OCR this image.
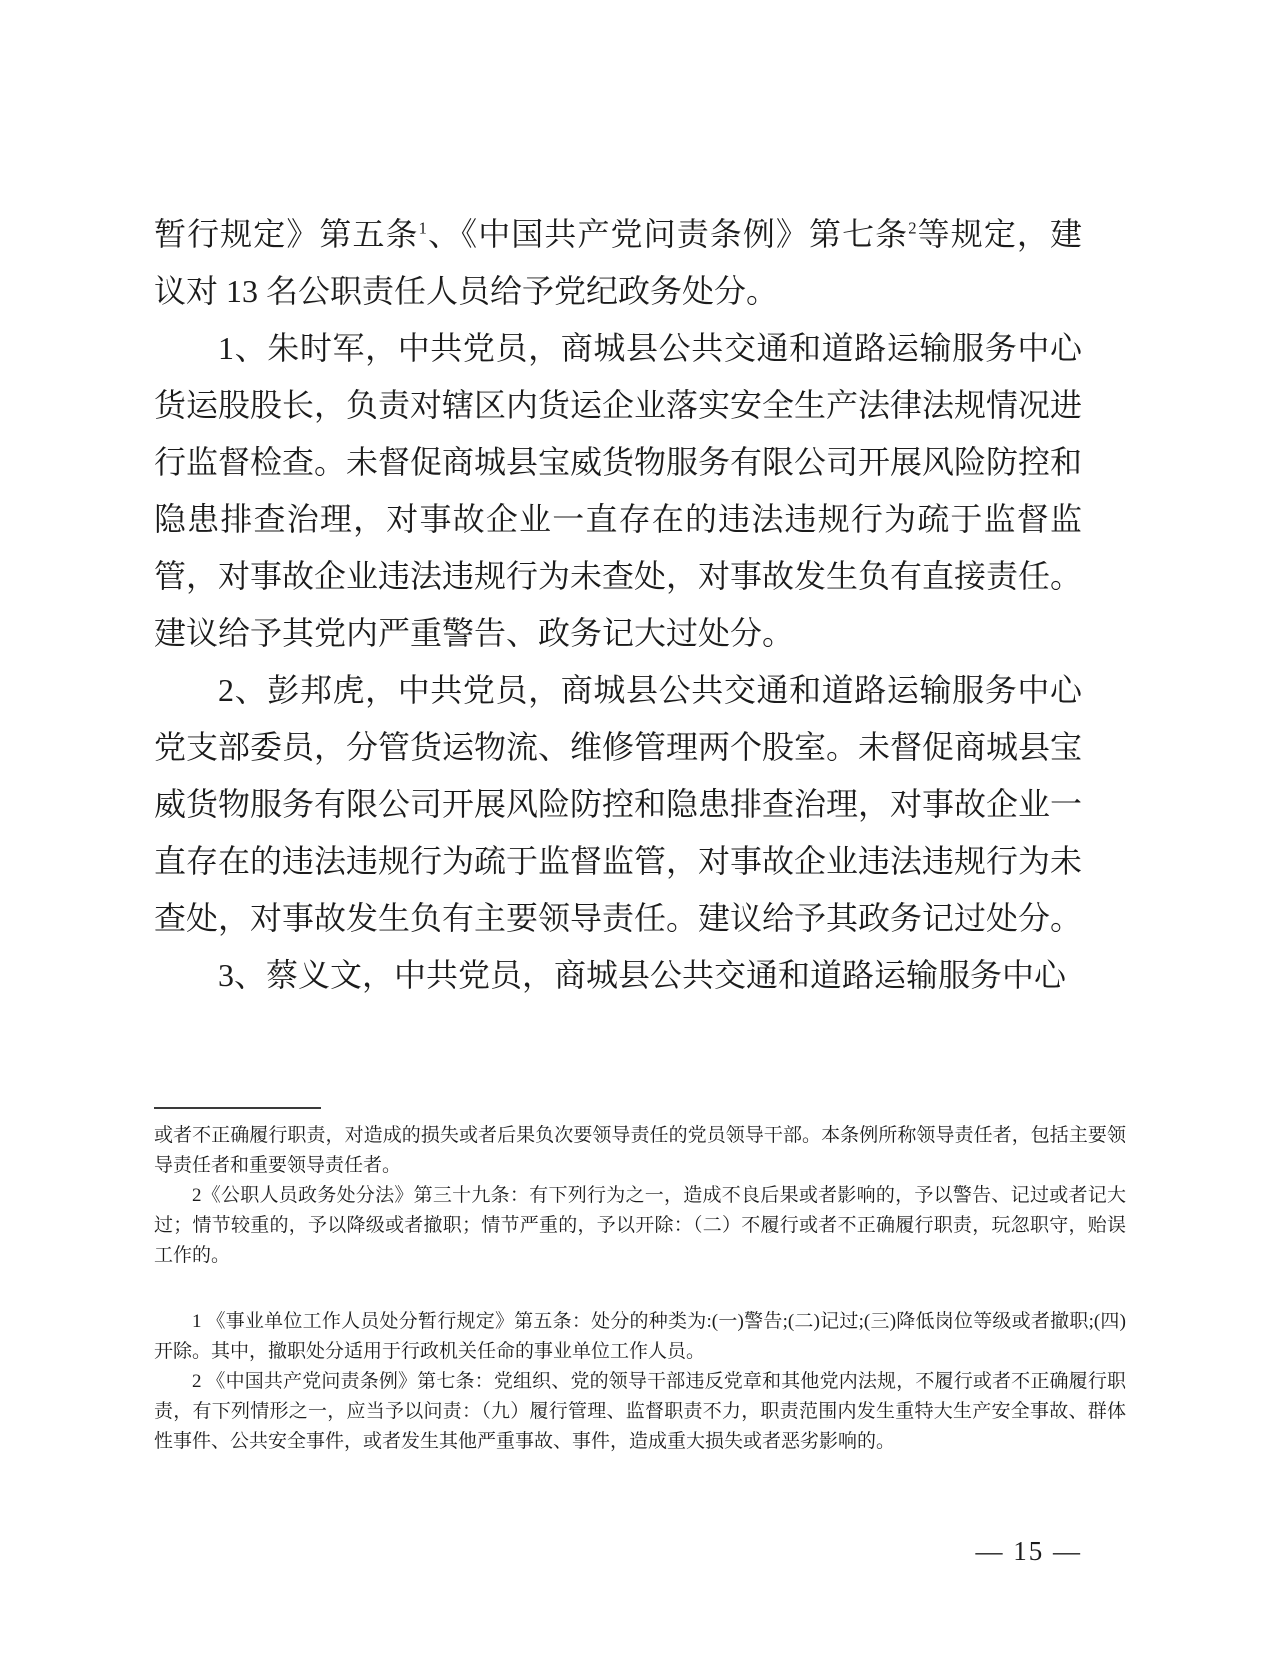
暂行规定》第五条$^1$、《中国共产党问责条例》第七条$^2$等规定，建议对 13 名公职责任人员给予党纪政务处分。

1、朱时军，中共党员，商城县公共交通和道路运输服务中心货运股股长，负责对辖区内货运企业落实安全生产法律法规情况进行监督检查。未督促商城县宝威货物服务有限公司开展风险防控和隐患排查治理，对事故企业一直存在的违法违规行为疏于监督监管，对事故企业违法违规行为未查处，对事故发生负有直接责任。建议给予其党内严重警告、政务记大过处分。

2、彭邦虎，中共党员，商城县公共交通和道路运输服务中心党支部委员，分管货运物流、维修管理两个股室。未督促商城县宝威货物服务有限公司开展风险防控和隐患排查治理，对事故企业一直存在的违法违规行为疏于监督监管，对事故企业违法违规行为未查处，对事故发生负有主要领导责任。建议给予其政务记过处分。

3、蔡义文，中共党员，商城县公共交通和道路运输服务中心

或者不正确履行职责，对造成的损失或者后果负次要领导责任的党员领导干部。本条例所称领导责任者，包括主要领导责任者和重要领导责任者。

2《公职人员政务处分法》第三十九条：有下列行为之一，造成不良后果或者影响的，予以警告、记过或者记大过；情节较重的，予以降级或者撤职；情节严重的，予以开除：（二）不履行或者不正确履行职责，玩忽职守，贻误工作的。

1 《事业单位工作人员处分暂行规定》第五条：处分的种类为:(一)警告;(二)记过;(三)降低岗位等级或者撤职;(四)开除。其中，撤职处分适用于行政机关任命的事业单位工作人员。

2 《中国共产党问责条例》第七条：党组织、党的领导干部违反党章和其他党内法规，不履行或者不正确履行职责，有下列情形之一，应当予以问责：（九）履行管理、监督职责不力，职责范围内发生重特大生产安全事故、群体性事件、公共安全事件，或者发生其他严重事故、事件，造成重大损失或者恶劣影响的。

— 15 —
